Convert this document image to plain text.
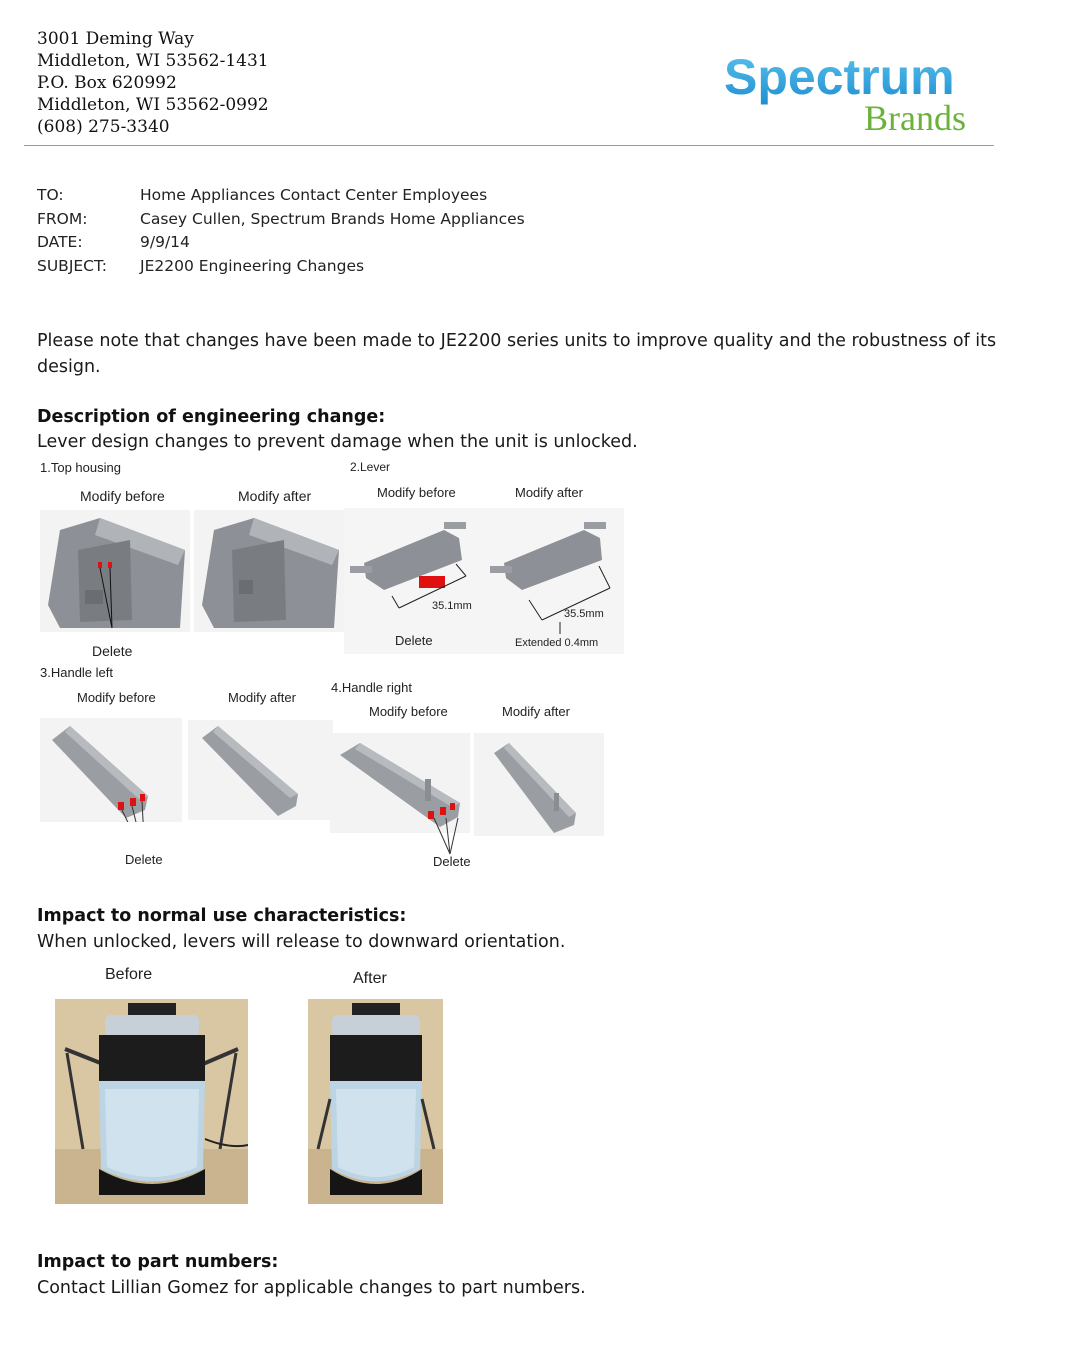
3001 Deming Way
Middleton, WI 53562-1431
P.O. Box 620992
Middleton, WI 53562-0992
(608) 275-3340
Spectrum
Brands
TO:	Home Appliances Contact Center Employees
FROM:	Casey Cullen, Spectrum Brands Home Appliances
DATE:	9/9/14
SUBJECT:	JE2200 Engineering Changes
Please note that changes have been made to JE2200 series units to improve quality and the robustness of its design.
Description of engineering change:
Lever design changes to prevent damage when the unit is unlocked.
1.Top housing
Modify before	Modify after
Delete
2.Lever
Modify before	Modify after
35.1mm
35.5mm
Delete	Extended 0.4mm
3.Handle left
Modify before	Modify after
Delete
4.Handle right
Modify before	Modify after
Delete
Impact to normal use characteristics:
When unlocked, levers will release to downward orientation.
Before	After
Impact to part numbers:
Contact Lillian Gomez for applicable changes to part numbers.
